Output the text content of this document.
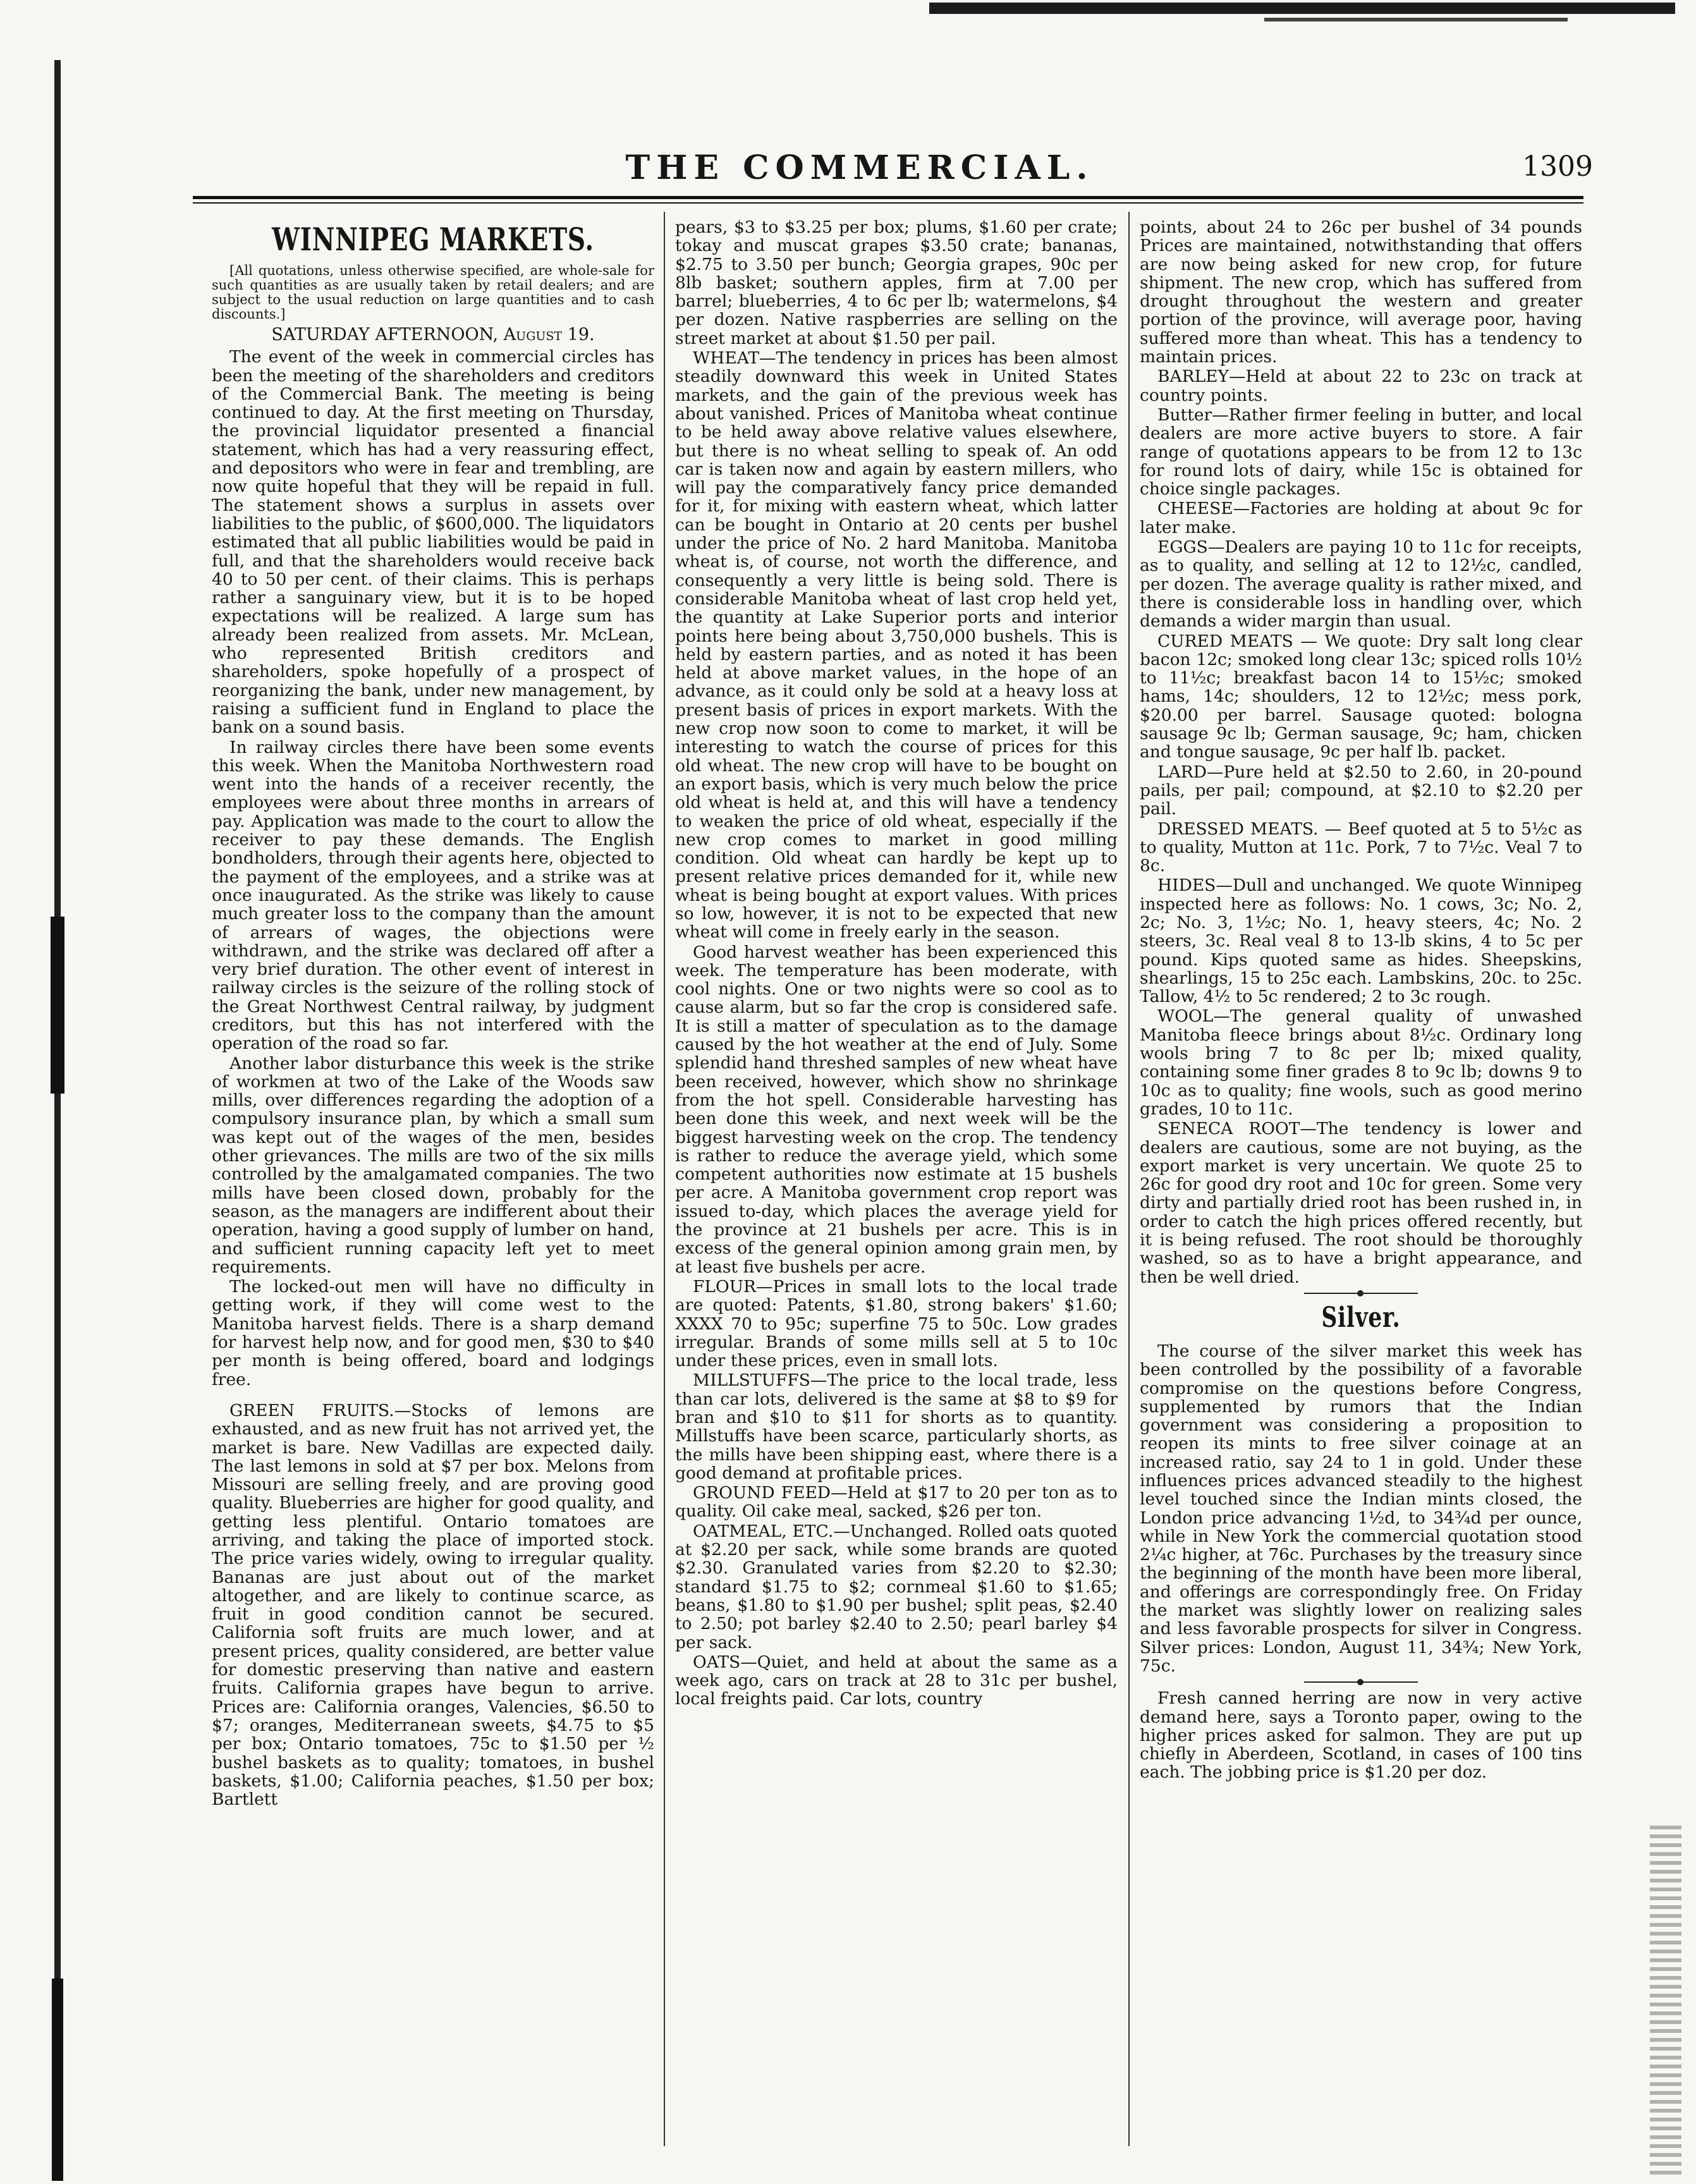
THE COMMERCIAL.	1309
WINNIPEG MARKETS.

[All quotations, unless otherwise specified, are whole-sale for such quantities as are usually taken by retail dealers; and are subject to the usual reduction on large quantities and to cash discounts.]

SATURDAY AFTERNOON, August 19.

The event of the week in commercial circles has been the meeting of the shareholders and creditors of the Commercial Bank. The meeting is being continued to day. At the first meeting on Thursday, the provincial liquidator presented a financial statement, which has had a very reassuring effect, and depositors who were in fear and trembling, are now quite hopeful that they will be repaid in full. The statement shows a surplus in assets over liabilities to the public, of $600,000. The liquidators estimated that all public liabilities would be paid in full, and that the shareholders would receive back 40 to 50 per cent. of their claims. This is perhaps rather a sanguinary view, but it is to be hoped expectations will be realized. A large sum has already been realized from assets. Mr. McLean, who represented British creditors and shareholders, spoke hopefully of a prospect of reorganizing the bank, under new management, by raising a sufficient fund in England to place the bank on a sound basis.

In railway circles there have been some events this week. When the Manitoba Northwestern road went into the hands of a receiver recently, the employees were about three months in arrears of pay. Application was made to the court to allow the receiver to pay these demands. The English bondholders, through their agents here, objected to the payment of the employees, and a strike was at once inaugurated. As the strike was likely to cause much greater loss to the company than the amount of arrears of wages, the objections were withdrawn, and the strike was declared off after a very brief duration. The other event of interest in railway circles is the seizure of the rolling stock of the Great Northwest Central railway, by judgment creditors, but this has not interfered with the operation of the road so far.

Another labor disturbance this week is the strike of workmen at two of the Lake of the Woods saw mills, over differences regarding the adoption of a compulsory insurance plan, by which a small sum was kept out of the wages of the men, besides other grievances. The mills are two of the six mills controlled by the amalgamated companies. The two mills have been closed down, probably for the season, as the managers are indifferent about their operation, having a good supply of lumber on hand, and sufficient running capacity left yet to meet requirements.

The locked-out men will have no difficulty in getting work, if they will come west to the Manitoba harvest fields. There is a sharp demand for harvest help now, and for good men, $30 to $40 per month is being offered, board and lodgings free.

GREEN FRUITS.—Stocks of lemons are exhausted, and as new fruit has not arrived yet, the market is bare. New Vadillas are expected daily. The last lemons in sold at $7 per box. Melons from Missouri are selling freely, and are proving good quality. Blueberries are higher for good quality, and getting less plentiful. Ontario tomatoes are arriving, and taking the place of imported stock. The price varies widely, owing to irregular quality. Bananas are just about out of the market altogether, and are likely to continue scarce, as fruit in good condition cannot be secured. California soft fruits are much lower, and at present prices, quality considered, are better value for domestic preserving than native and eastern fruits. California grapes have begun to arrive. Prices are: California oranges, Valencies, $6.50 to $7; oranges, Mediterranean sweets, $4.75 to $5 per box; Ontario tomatoes, 75c to $1.50 per ½ bushel baskets as to quality; tomatoes, in bushel baskets, $1.00; California peaches, $1.50 per box; Bartlett

pears, $3 to $3.25 per box; plums, $1.60 per crate; tokay and muscat grapes $3.50 crate; bananas, $2.75 to 3.50 per bunch; Georgia grapes, 90c per 8lb basket; southern apples, firm at 7.00 per barrel; blueberries, 4 to 6c per lb; watermelons, $4 per dozen. Native raspberries are selling on the street market at about $1.50 per pail.

WHEAT—The tendency in prices has been almost steadily downward this week in United States markets, and the gain of the previous week has about vanished. Prices of Manitoba wheat continue to be held away above relative values elsewhere, but there is no wheat selling to speak of. An odd car is taken now and again by eastern millers, who will pay the comparatively fancy price demanded for it, for mixing with eastern wheat, which latter can be bought in Ontario at 20 cents per bushel under the price of No. 2 hard Manitoba. Manitoba wheat is, of course, not worth the difference, and consequently a very little is being sold. There is considerable Manitoba wheat of last crop held yet, the quantity at Lake Superior ports and interior points here being about 3,750,000 bushels. This is held by eastern parties, and as noted it has been held at above market values, in the hope of an advance, as it could only be sold at a heavy loss at present basis of prices in export markets. With the new crop now soon to come to market, it will be interesting to watch the course of prices for this old wheat. The new crop will have to be bought on an export basis, which is very much below the price old wheat is held at, and this will have a tendency to weaken the price of old wheat, especially if the new crop comes to market in good milling condition. Old wheat can hardly be kept up to present relative prices demanded for it, while new wheat is being bought at export values. With prices so low, however, it is not to be expected that new wheat will come in freely early in the season.

Good harvest weather has been experienced this week. The temperature has been moderate, with cool nights. One or two nights were so cool as to cause alarm, but so far the crop is considered safe. It is still a matter of speculation as to the damage caused by the hot weather at the end of July. Some splendid hand threshed samples of new wheat have been received, however, which show no shrinkage from the hot spell. Considerable harvesting has been done this week, and next week will be the biggest harvesting week on the crop. The tendency is rather to reduce the average yield, which some competent authorities now estimate at 15 bushels per acre. A Manitoba government crop report was issued to-day, which places the average yield for the province at 21 bushels per acre. This is in excess of the general opinion among grain men, by at least five bushels per acre.

FLOUR—Prices in small lots to the local trade are quoted: Patents, $1.80, strong bakers' $1.60; XXXX 70 to 95c; superfine 75 to 50c. Low grades irregular. Brands of some mills sell at 5 to 10c under these prices, even in small lots.

MILLSTUFFS—The price to the local trade, less than car lots, delivered is the same at $8 to $9 for bran and $10 to $11 for shorts as to quantity. Millstuffs have been scarce, particularly shorts, as the mills have been shipping east, where there is a good demand at profitable prices.

GROUND FEED—Held at $17 to 20 per ton as to quality. Oil cake meal, sacked, $26 per ton.

OATMEAL, ETC.—Unchanged. Rolled oats quoted at $2.20 per sack, while some brands are quoted $2.30. Granulated varies from $2.20 to $2.30; standard $1.75 to $2; cornmeal $1.60 to $1.65; beans, $1.80 to $1.90 per bushel; split peas, $2.40 to 2.50; pot barley $2.40 to 2.50; pearl barley $4 per sack.

OATS—Quiet, and held at about the same as a week ago, cars on track at 28 to 31c per bushel, local freights paid. Car lots, country

points, about 24 to 26c per bushel of 34 pounds Prices are maintained, notwithstanding that offers are now being asked for new crop, for future shipment. The new crop, which has suffered from drought throughout the western and greater portion of the province, will average poor, having suffered more than wheat. This has a tendency to maintain prices.

BARLEY—Held at about 22 to 23c on track at country points.

Butter—Rather firmer feeling in butter, and local dealers are more active buyers to store. A fair range of quotations appears to be from 12 to 13c for round lots of dairy, while 15c is obtained for choice single packages.

CHEESE—Factories are holding at about 9c for later make.

EGGS—Dealers are paying 10 to 11c for receipts, as to quality, and selling at 12 to 12½c, candled, per dozen. The average quality is rather mixed, and there is considerable loss in handling over, which demands a wider margin than usual.

CURED MEATS — We quote: Dry salt long clear bacon 12c; smoked long clear 13c; spiced rolls 10½ to 11½c; breakfast bacon 14 to 15½c; smoked hams, 14c; shoulders, 12 to 12½c; mess pork, $20.00 per barrel. Sausage quoted: bologna sausage 9c lb; German sausage, 9c; ham, chicken and tongue sausage, 9c per half lb. packet.

LARD—Pure held at $2.50 to 2.60, in 20-pound pails, per pail; compound, at $2.10 to $2.20 per pail.

DRESSED MEATS. — Beef quoted at 5 to 5½c as to quality, Mutton at 11c. Pork, 7 to 7½c. Veal 7 to 8c.

HIDES—Dull and unchanged. We quote Winnipeg inspected here as follows: No. 1 cows, 3c; No. 2, 2c; No. 3, 1½c; No. 1, heavy steers, 4c; No. 2 steers, 3c. Real veal 8 to 13-lb skins, 4 to 5c per pound. Kips quoted same as hides. Sheepskins, shearlings, 15 to 25c each. Lambskins, 20c. to 25c. Tallow, 4½ to 5c rendered; 2 to 3c rough.

WOOL—The general quality of unwashed Manitoba fleece brings about 8½c. Ordinary long wools bring 7 to 8c per lb; mixed quality, containing some finer grades 8 to 9c lb; downs 9 to 10c as to quality; fine wools, such as good merino grades, 10 to 11c.

SENECA ROOT—The tendency is lower and dealers are cautious, some are not buying, as the export market is very uncertain. We quote 25 to 26c for good dry root and 10c for green. Some very dirty and partially dried root has been rushed in, in order to catch the high prices offered recently, but it is being refused. The root should be thoroughly washed, so as to have a bright appearance, and then be well dried.

Silver.

The course of the silver market this week has been controlled by the possibility of a favorable compromise on the questions before Congress, supplemented by rumors that the Indian government was considering a proposition to reopen its mints to free silver coinage at an increased ratio, say 24 to 1 in gold. Under these influences prices advanced steadily to the highest level touched since the Indian mints closed, the London price advancing 1½d, to 34¾d per ounce, while in New York the commercial quotation stood 2¼c higher, at 76c. Purchases by the treasury since the beginning of the month have been more liberal, and offerings are correspondingly free. On Friday the market was slightly lower on realizing sales and less favorable prospects for silver in Congress. Silver prices: London, August 11, 34¾; New York, 75c.

Fresh canned herring are now in very active demand here, says a Toronto paper, owing to the higher prices asked for salmon. They are put up chiefly in Aberdeen, Scotland, in cases of 100 tins each. The jobbing price is $1.20 per doz.
